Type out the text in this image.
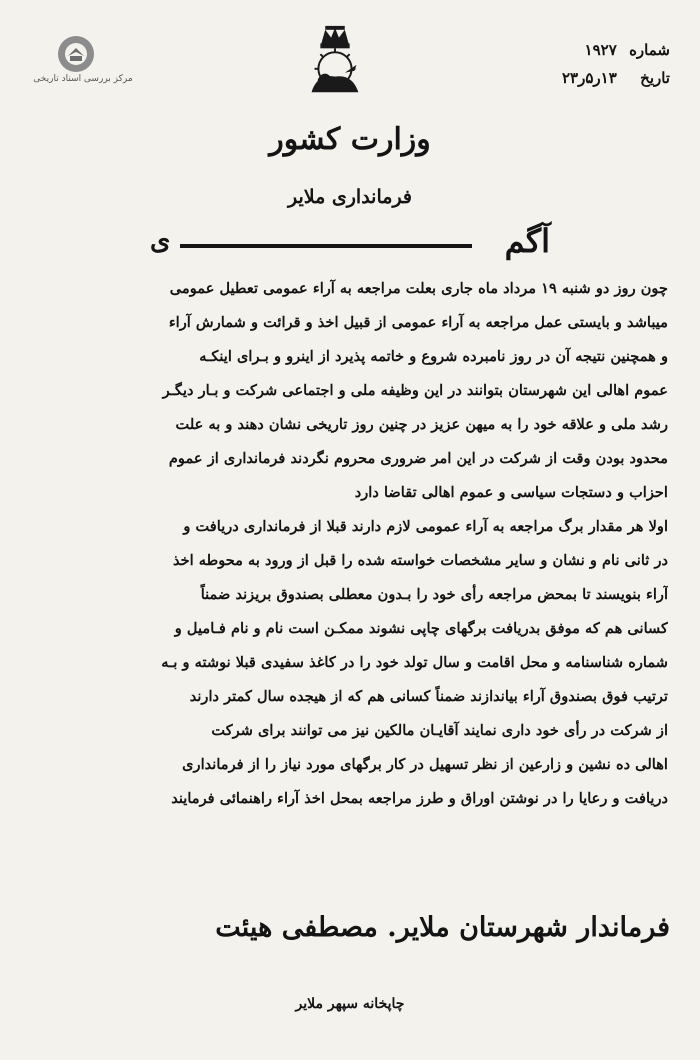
مرکز بررسی اسناد تاریخی
شماره ۱۹۲۷
تاریخ ۱۳ر۵ر۲۳
وزارت کشور
فرمانداری ملایر
آگم
ی
چون روز دو شنبه ۱۹ مرداد ماه جاری بعلت مراجعه به آراء عمومی تعطیل عمومی
میباشد و بایستی عمل مراجعه به آراء عمومی از قبیل اخذ و قرائت و شمارش آراء
و همچنین نتیجه آن در روز نامبرده شروع و خاتمه پذیرد از اینرو و بـرای اینکـه
عموم اهالی این شهرستان بتوانند در این وظیفه ملی و اجتماعی شرکت و بـار دیگـر
رشد ملی و علاقه خود را به میهن عزیز در چنین روز تاریخی نشان دهند و به علت
محدود بودن وقت از شرکت در این امر ضروری محروم نگردند فرمانداری از عموم
احزاب و دستجات سیاسی و عموم اهالی تقاضا دارد
اولا هر مقدار برگ مراجعه به آراء عمومی لازم دارند قبلا از فرمانداری دریافت و
در ثانی نام و نشان و سایر مشخصات خواسته شده را قبل از ورود به محوطه اخذ
آراء بنویسند تا بمحض مراجعه رأی خود را بـدون معطلی بصندوق بریزند ضمناً
کسانی هم که موفق بدریافت برگهای چاپی نشوند ممکـن است نام و نام فـامیل و
شماره شناسنامه و محل اقامت و سال تولد خود را در کاغذ سفیدی قبلا نوشته و بـه
ترتیب فوق بصندوق آراء بیاندازند ضمناً کسانی هم که از هیجده سال کمتر دارند
از شرکت در رأی خود داری نمایند آقایـان مالکین نیز می توانند برای شرکت
اهالی ده نشین و زارعین از نظر تسهیل در کار برگهای مورد نیاز را از فرمانداری
دریافت و رعایا را در نوشتن اوراق و طرز مراجعه بمحل اخذ آراء راهنمائی فرمایند
فرماندار شهرستان ملایر. مصطفی هیئت
چاپخانه سپهر ملایر
